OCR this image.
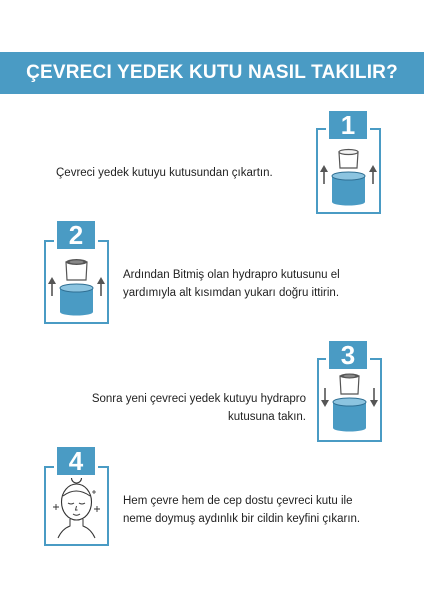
ÇEVRECI YEDEK KUTU NASIL TAKILIR?
1
Çevreci yedek kutuyu kutusundan çıkartın.
2
Ardından Bitmiş olan hydrapro kutusunu el
yardımıyla alt kısımdan yukarı doğru ittirin.
3
Sonra yeni çevreci yedek kutuyu hydrapro
kutusuna takın.
4
Hem çevre hem de cep dostu çevreci kutu ile
neme doymuş aydınlık bir cildin keyfini çıkarın.
